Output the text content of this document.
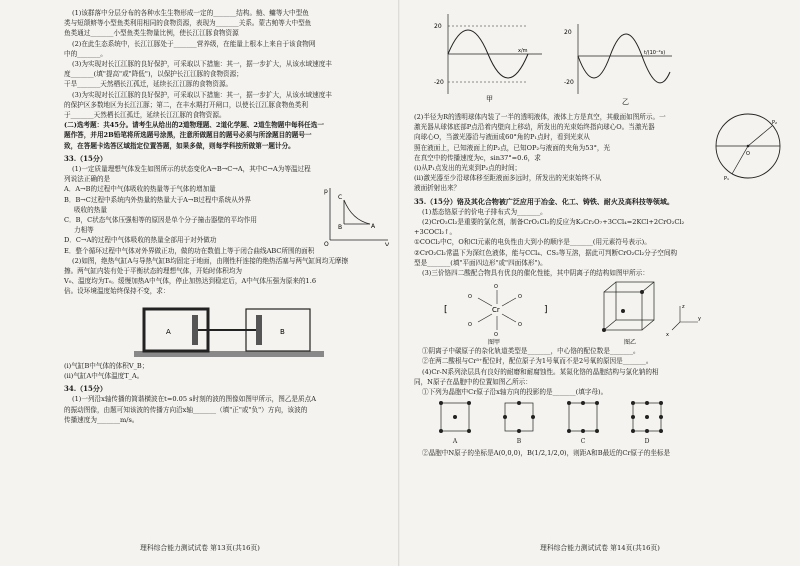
(1)该群落中分层分布的各种水生生物形成一定的_______结构。鲢、鳙等大中型鱼

类与短颌鲚等小型鱼类利用相同的食物资源，表现为_______关系。蒙古鲌等大中型鱼

鱼类通过_______小型鱼类生物量比例，使长江江豚食物资源

(2)在此生态系统中，长江江豚处于_______营养级，在能量上根本上来自于该食物网

中的_______。

(3)为实现对长江江豚的良好保护，可采取以下措施：其一，据一步扩大，从该水域速度丰

度_______(填"提高"或"降低")，以保护长江江豚的食物资源；

干旱_______天然栖长江孤迁，延续长江江豚的食物资源。

(3)为实现对长江江豚的良好保护，可采取以下措施：其一，据一步扩大，从该水域速度丰

的保护区多数地区为长江江豚；第二，在丰水期打开闸口，以使长江江豚食物鱼类利

于_______天然栖长江孤迁，延续长江江豚的食物资源。

(二)选考题：共45分。请考生从给出的2道物理题、2道化学题、2道生物题中每科任选一

题作答，并用2B铅笔将所选题号涂黑，注意所做题目的题号必须与所涂题目的题号一

致，在答题卡选答区域指定位置答题，如果多做，则每学科按所做第一题计分。

33.（15分）

(1)一定质量理想气体发生如图所示的状态变化A→B→C→A，其中C→A为等温过程

列说法正确的是

A．A→B的过程中气体吸收的热量等于气体的增加量

B．B→C过程中系统内外热量的热量大于A→B过程中系统从外界

吸收的热量

C．B，C状态气体压强相等的原因是单个分子撞击器壁的平均作用

力相等

D．C→A的过程中气体吸收的热量全部用于对外做功

E．整个循环过程中气体对外界做正功，做的功在数值上等于闭合曲线ABC所围的面积

p
V
O
C
B	A

(2)如图，绝热气缸A与导热气缸B均固定于地面，由刚性杆连接的绝热活塞与两气缸间均无摩擦

擦。两气缸内装有处于平衡状态的理想气体，开始时体积均为

V₀、温度均为T₀。缓慢加热A中气体，停止加热达到稳定后，A中气体压强为原来的1.6

倍。设环境温度始终保持不变，求：

A	B

(ⅰ)气缸B中气体的体积V_B；

(ⅱ)气缸A中气体温度T_A。

34.（15分）

(1)一列沿x轴传播的简谐横波在t=0.05 s时刻的波的图像如图甲所示，图乙是质点A

的振动图像，由题可知该波的传播方向沿x轴_______（填"正"或"负"）方向，该波的

传播速度为_______m/s。

理科综合能力测试试卷 第13页(共16页)
20
-20
x/m
甲
20
-20
t/(10⁻²s)
乙
O
P₁
P₂

(2)半径为R的透明球体内装了一半的透明液体，液体上方是真空，其截面如图所示。一

激光器从球体底部P点沿着内壁向上移动，所发出的光束始终指向球心O。当激光器

向球心O，当激光器沿与液面成60°角的P₁点时，看到光束从

照在液面上，已知液面上的P₂点，已知OP₂与液面的夹角为53°，光

在真空中的传播速度为c，sin37°=0.6，求

(ⅰ)从P₁点发出的光束到P₂点的时间；

(ⅱ)激光器至少沿球体移至距液面多远时，所发出的光束始终不从

液面折射出来？

35.（15分）铬及其化合物被广泛应用于冶金、化工、铸铁、耐火及高科技等领域。

(1)基态铬原子的价电子排布式为_______。

(2)CrO₂Cl₂是重要的氯化剂，制备CrO₂Cl₂的反应为K₂Cr₂O₇+3CCl₄=2KCl+2CrO₂Cl₂

+3COCl₂↑。

①COCl₂中C，O和Cl元素的电负性由大到小的顺序是_______(用元素符号表示)。

②CrO₂Cl₂常温下为深红色液体，能与CCl₄、CS₂等互溶，据此可判断CrO₂Cl₂分子空间构

型是_______(填"平面四边形"或"四面体形")。

(3)三价铬四二酸配合物具有优良的催化性能，其中阴离子的结构如图甲所示：

Cr
O
O
O	O
O	O
[	]
图甲
y
z
x
图乙

①阴离子中碳原子的杂化轨道类型是_______，中心铬的配位数是_______。

②在两二酸根与Cr³⁺配位时，配位原子为1号氧而不是2号氧的原因是_______。

(4)Cr-N系列涂层具有良好的耐磨和耐腐蚀性。某氮化铬的晶胞结构与氯化钠的相

同，N原子在晶胞中的位置如图乙所示：

①下列为晶胞中Cr原子沿x轴方向的投影的是_______(填字母)。

A	B	C	D

②晶胞中N原子的坐标是A(0,0,0)，B(1/2,1/2,0)，则距A和B最近的Cr原子的坐标是

理科综合能力测试试卷 第14页(共16页)
